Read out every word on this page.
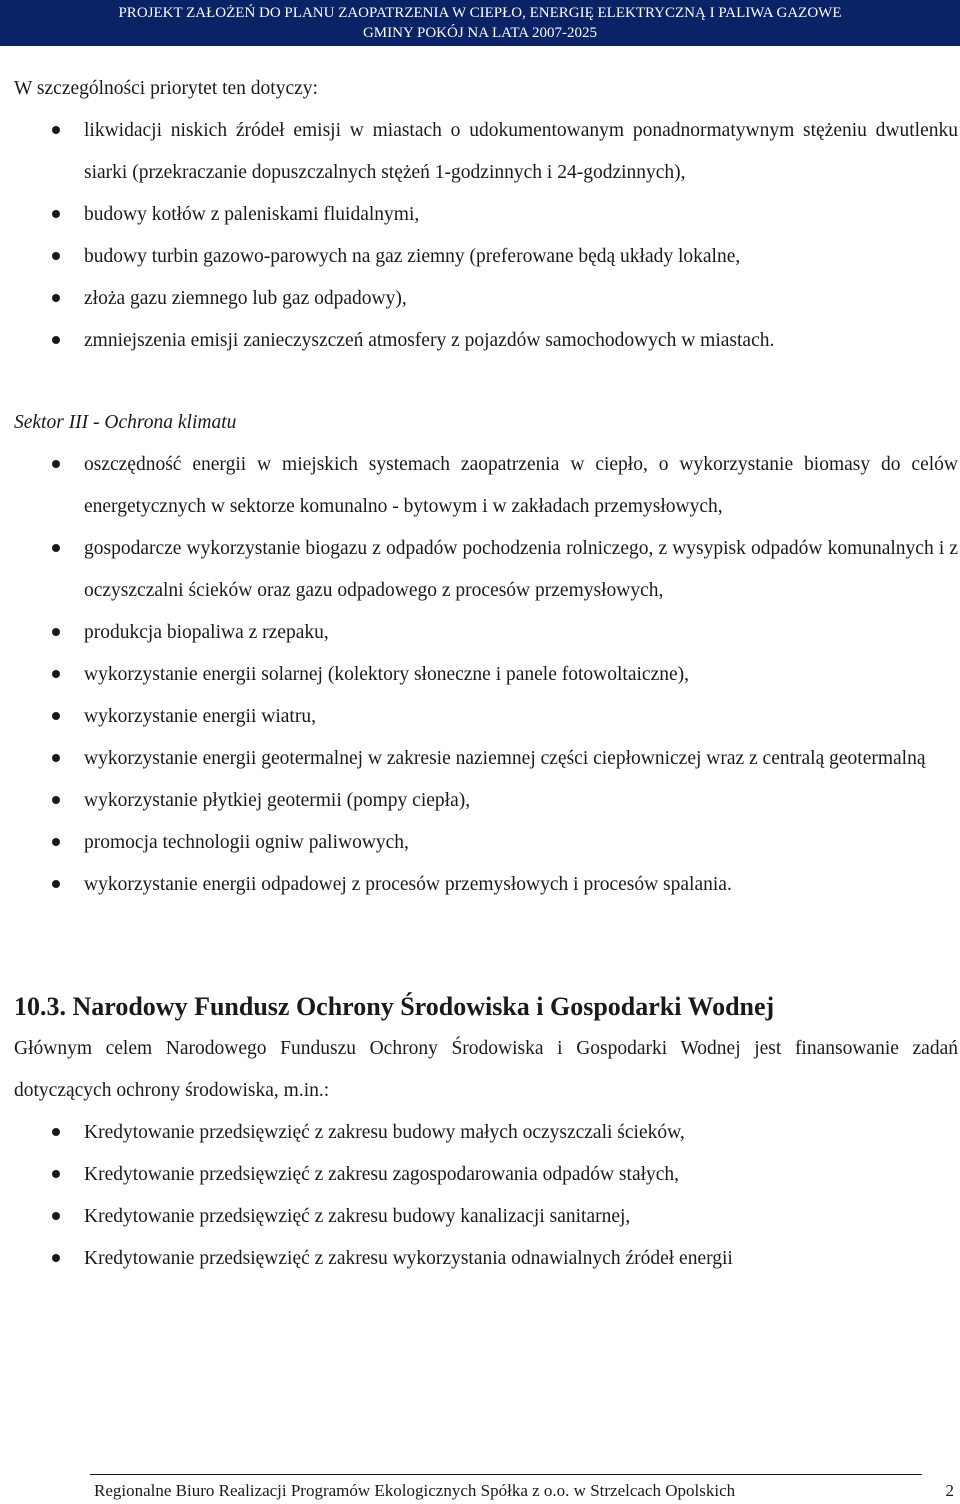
PROJEKT ZAŁOŻEŃ DO PLANU ZAOPATRZENIA W CIEPŁO, ENERGIĘ ELEKTRYCZNĄ I PALIWA GAZOWE
GMINY POKÓJ NA LATA 2007-2025

W szczególności priorytet ten dotyczy:

likwidacji niskich źródeł emisji w miastach o udokumentowanym ponadnormatywnym stężeniu dwutlenku siarki (przekraczanie dopuszczalnych stężeń 1-godzinnych i 24-godzinnych),
budowy kotłów z paleniskami fluidalnymi,
budowy turbin gazowo-parowych na gaz ziemny (preferowane będą układy lokalne,
złoża gazu ziemnego lub gaz odpadowy),
zmniejszenia emisji zanieczyszczeń atmosfery z pojazdów samochodowych w miastach.

Sektor III - Ochrona klimatu

oszczędność energii w miejskich systemach zaopatrzenia w ciepło, o wykorzystanie biomasy do celów energetycznych w sektorze komunalno - bytowym i w zakładach przemysłowych,
gospodarcze wykorzystanie biogazu z odpadów pochodzenia rolniczego, z wysypisk odpadów komunalnych i z oczyszczalni ścieków oraz gazu odpadowego z procesów przemysłowych,
produkcja biopaliwa z rzepaku,
wykorzystanie energii solarnej (kolektory słoneczne i panele fotowoltaiczne),
wykorzystanie energii wiatru,
wykorzystanie energii geotermalnej w zakresie naziemnej części ciepłowniczej wraz z centralą geotermalną
wykorzystanie płytkiej geotermii (pompy ciepła),
promocja technologii ogniw paliwowych,
wykorzystanie energii odpadowej z procesów przemysłowych i procesów spalania.

10.3. Narodowy Fundusz Ochrony Środowiska i Gospodarki Wodnej

Głównym celem Narodowego Funduszu Ochrony Środowiska i Gospodarki Wodnej jest finansowanie zadań dotyczących ochrony środowiska, m.in.:

Kredytowanie przedsięwzięć z zakresu budowy małych oczyszczali ścieków,
Kredytowanie przedsięwzięć z zakresu zagospodarowania odpadów stałych,
Kredytowanie przedsięwzięć z zakresu budowy kanalizacji sanitarnej,
Kredytowanie przedsięwzięć z zakresu wykorzystania odnawialnych źródeł energii
Regionalne Biuro Realizacji Programów Ekologicznych Spółka z o.o. w Strzelcach Opolskich	2
